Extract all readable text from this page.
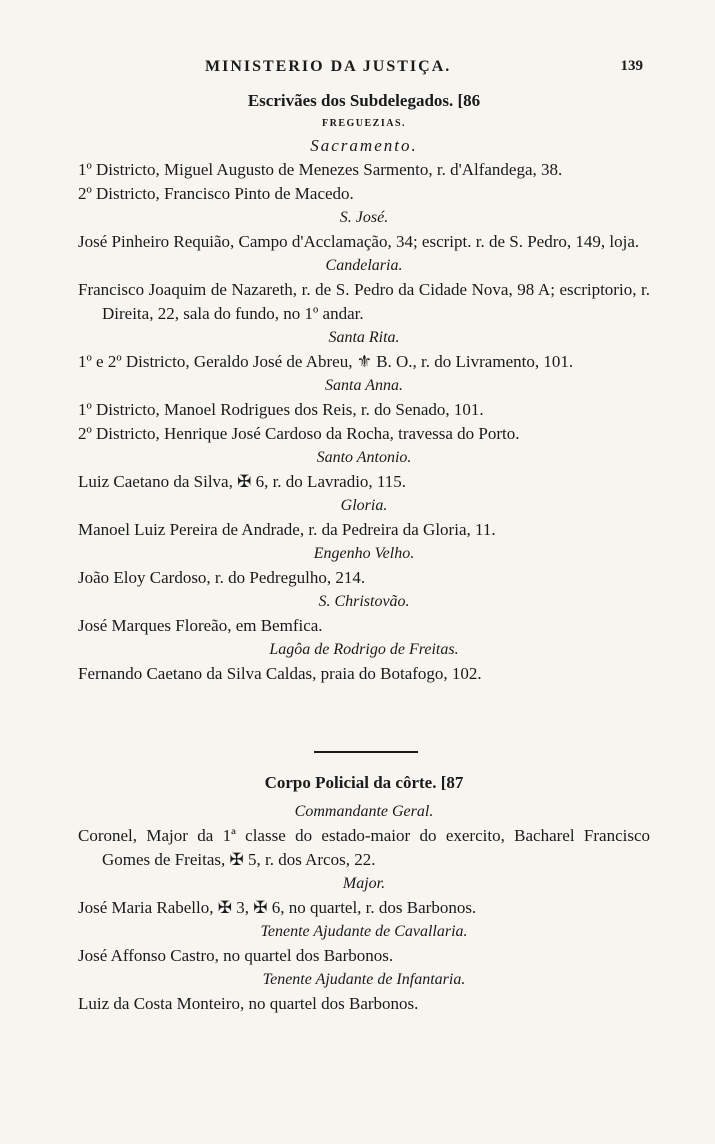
MINISTERIO DA JUSTIÇA.	139
Escrivães dos Subdelegados. [86
FREGUEZIAS.
Sacramento.
1º Districto, Miguel Augusto de Menezes Sarmento, r. d'Alfandega, 38.
2º Districto, Francisco Pinto de Macedo.
S. José.
José Pinheiro Requião, Campo d'Acclamação, 34; escript. r. de S. Pedro, 149, loja.
Candelaria.
Francisco Joaquim de Nazareth, r. de S. Pedro da Cidade Nova, 98 A; escriptorio, r. Direita, 22, sala do fundo, no 1º andar.
Santa Rita.
1º e 2º Districto, Geraldo José de Abreu, ⚜ B. O., r. do Livramento, 101.
Santa Anna.
1º Districto, Manoel Rodrigues dos Reis, r. do Senado, 101.
2º Districto, Henrique José Cardoso da Rocha, travessa do Porto.
Santo Antonio.
Luiz Caetano da Silva, ✠ 6, r. do Lavradio, 115.
Gloria.
Manoel Luiz Pereira de Andrade, r. da Pedreira da Gloria, 11.
Engenho Velho.
João Eloy Cardoso, r. do Pedregulho, 214.
S. Christovão.
José Marques Floreão, em Bemfica.
Lagôa de Rodrigo de Freitas.
Fernando Caetano da Silva Caldas, praia do Botafogo, 102.
Corpo Policial da côrte. [87
Commandante Geral.
Coronel, Major da 1ª classe do estado-maior do exercito, Bacharel Francisco Gomes de Freitas, ✠ 5, r. dos Arcos, 22.
Major.
José Maria Rabello, ✠ 3, ✠ 6, no quartel, r. dos Barbonos.
Tenente Ajudante de Cavallaria.
José Affonso Castro, no quartel dos Barbonos.
Tenente Ajudante de Infantaria.
Luiz da Costa Monteiro, no quartel dos Barbonos.
